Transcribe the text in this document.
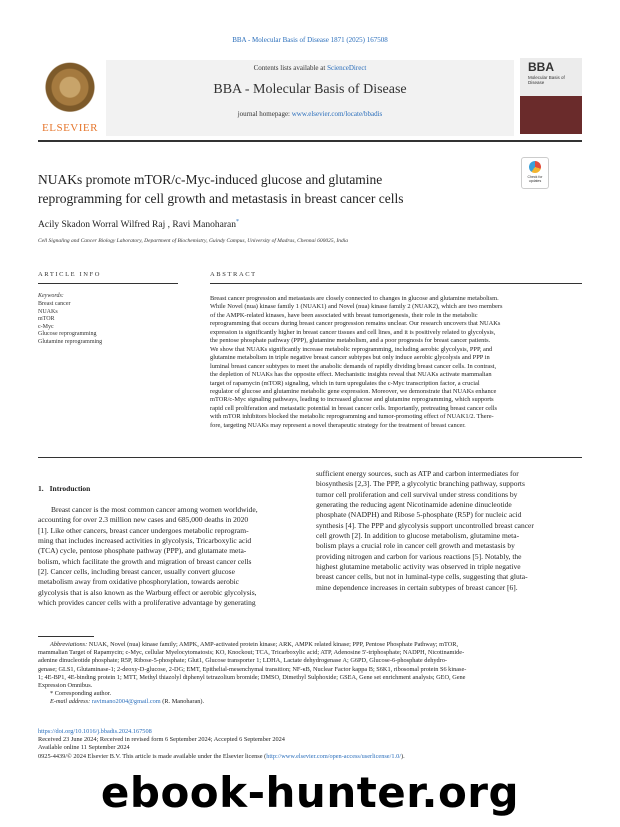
BBA - Molecular Basis of Disease 1871 (2025) 167508
ELSEVIER
Contents lists available at ScienceDirect
BBA - Molecular Basis of Disease
journal homepage: www.elsevier.com/locate/bbadis
BBA
Molecular Basis of Disease
NUAKs promote mTOR/c-Myc-induced glucose and glutamine
reprogramming for cell growth and metastasis in breast cancer cells
Check for updates
Acily Skadon Worral Wilfred Raj , Ravi Manoharan*
Cell Signaling and Cancer Biology Laboratory, Department of Biochemistry, Guindy Campus, University of Madras, Chennai 600025, India
ARTICLE INFO	ABSTRACT
Keywords:
Breast cancer
NUAKs
mTOR
c-Myc
Glucose reprogramming
Glutamine reprogramming
Breast cancer progression and metastasis are closely connected to changes in glucose and glutamine metabolism.
While Novel (nua) kinase family 1 (NUAK1) and Novel (nua) kinase family 2 (NUAK2), which are two members
of the AMPK-related kinases, have been associated with breast tumorigenesis, their role in the metabolic
reprogramming that occurs during breast cancer progression remains unclear. Our research uncovers that NUAKs
expression is significantly higher in breast cancer tissues and cell lines, and it is positively related to glycolysis,
the pentose phosphate pathway (PPP), glutamine metabolism, and a poor prognosis for breast cancer patients.
We show that NUAKs significantly increase metabolic reprogramming, including aerobic glycolysis, PPP, and
glutamine metabolism in triple negative breast cancer subtypes but only induce aerobic glycolysis and PPP in
luminal breast cancer subtypes to meet the anabolic demands of rapidly dividing breast cancer cells. In contrast,
the depletion of NUAKs has the opposite effect. Mechanistic insights reveal that NUAKs activate mammalian
target of rapamycin (mTOR) signaling, which in turn upregulates the c-Myc transcription factor, a crucial
regulator of glucose and glutamine metabolic gene expression. Moreover, we demonstrate that NUAKs enhance
mTOR/c-Myc signaling pathways, leading to increased glucose and glutamine reprogramming, which supports
rapid cell proliferation and metastatic potential in breast cancer cells. Importantly, pretreating breast cancer cells
with mTOR inhibitors blocked the metabolic reprogramming and tumor-promoting effect of NUAK1/2. There-
fore, targeting NUAKs may represent a novel therapeutic strategy for the treatment of breast cancer.
1. Introduction
Breast cancer is the most common cancer among women worldwide,
accounting for over 2.3 million new cases and 685,000 deaths in 2020
[1]. Like other cancers, breast cancer undergoes metabolic reprogram-
ming that includes increased activities in glycolysis, Tricarboxylic acid
(TCA) cycle, pentose phosphate pathway (PPP), and glutamate meta-
bolism, which facilitate the growth and migration of breast cancer cells
[2]. Cancer cells, including breast cancer, usually convert glucose
metabolism away from oxidative phosphorylation, towards aerobic
glycolysis that is also known as the Warburg effect or aerobic glycolysis,
which provides cancer cells with a proliferative advantage by generating
sufficient energy sources, such as ATP and carbon intermediates for
biosynthesis [2,3]. The PPP, a glycolytic branching pathway, supports
tumor cell proliferation and cell survival under stress conditions by
generating the reducing agent Nicotinamide adenine dinucleotide
phosphate (NADPH) and Ribose 5-phosphate (R5P) for nucleic acid
synthesis [4]. The PPP and glycolysis support uncontrolled breast cancer
cell growth [2]. In addition to glucose metabolism, glutamine meta-
bolism plays a crucial role in cancer cell growth and metastasis by
providing nitrogen and carbon for various reactions [5]. Notably, the
highest glutamine metabolic activity was observed in triple negative
breast cancer cells, but not in luminal-type cells, suggesting that gluta-
mine dependence increases in certain subtypes of breast cancer [6].
Abbreviations: NUAK, Novel (nua) kinase family; AMPK, AMP-activated protein kinase; ARK, AMPK related kinase; PPP, Pentose Phosphate Pathway; mTOR,
mammalian Target of Rapamycin; c-Myc, cellular Myelocytomatosis; KO, Knockout; TCA, Tricarboxylic acid; ATP, Adenosine 5'-triphosphate; NADPH, Nicotinamide-
adenine dinucleotide phosphate; R5P, Ribose-5-phosphate; Glut1, Glucose transporter 1; LDHA, Lactate dehydrogenase A; G6PD, Glucose-6-phosphate dehydro-
genase; GLS1, Glutaminase-1; 2-deoxy-D-glucose, 2-DG; EMT, Epithelial-mesenchymal transition; NF-κB, Nuclear Factor kappa B; S6K1, ribosomal protein S6 kinase-
1; 4E-BP1, 4E-binding protein 1; MTT, Methyl thiazolyl diphenyl tetrazolium bromide; DMSO, Dimethyl Sulphoxide; GSEA, Gene set enrichment analysis; GEO, Gene
Expression Omnibus.
* Corresponding author.
E-mail address: ravimano2004@gmail.com (R. Manoharan).
https://doi.org/10.1016/j.bbadis.2024.167508
Received 23 June 2024; Received in revised form 6 September 2024; Accepted 6 September 2024
Available online 11 September 2024
0925-4439/© 2024 Elsevier B.V. This article is made available under the Elsevier license (http://www.elsevier.com/open-access/userlicense/1.0/).
ebook-hunter.org
